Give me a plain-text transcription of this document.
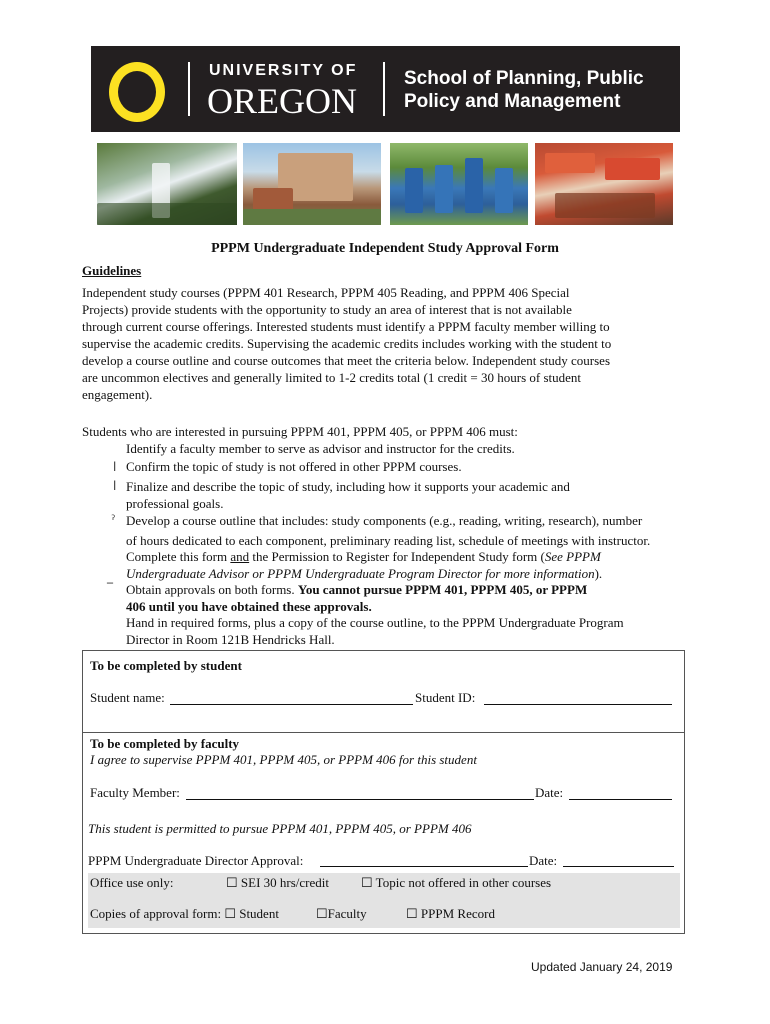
UNIVERSITY OF
OREGON
School of Planning, Public
Policy and Management
PPPM Undergraduate Independent Study Approval Form
Guidelines
Independent study courses (PPPM 401 Research, PPPM 405 Reading, and PPPM 406 Special
Projects) provide students with the opportunity to study an area of interest that is not available
through current course offerings. Interested students must identify a PPPM faculty member willing to
supervise the academic credits. Supervising the academic credits includes working with the student to
develop a course outline and course outcomes that meet the criteria below. Independent study courses
are uncommon electives and generally limited to 1-2 credits total (1 credit = 30 hours of student
engagement).
Students who are interested in pursuing PPPM 401, PPPM 405, or PPPM 406 must:
Identify a faculty member to serve as advisor and instructor for the credits.
l Confirm the topic of study is not offered in other PPPM courses.
l Finalize and describe the topic of study, including how it supports your academic and
professional goals.
ˀ Develop a course outline that includes: study components (e.g., reading, writing, research), number
of hours dedicated to each component, preliminary reading list, schedule of meetings with instructor.
Complete this form and the Permission to Register for Independent Study form (See PPPM
Undergraduate Advisor or PPPM Undergraduate Program Director for more information).
‾ Obtain approvals on both forms. You cannot pursue PPPM 401, PPPM 405, or PPPM
406 until you have obtained these approvals.
Hand in required forms, plus a copy of the course outline, to the PPPM Undergraduate Program
Director in Room 121B Hendricks Hall.
To be completed by student
Student name:	Student ID:
To be completed by faculty
I agree to supervise PPPM 401, PPPM 405, or PPPM 406 for this student
Faculty Member:	Date:
This student is permitted to pursue PPPM 401, PPPM 405, or PPPM 406
PPPM Undergraduate Director Approval:	Date:
Office use only:	☐ SEI 30 hrs/credit ☐ Topic not offered in other courses
Copies of approval form: ☐ Student	☐Faculty	☐ PPPM Record
Updated January 24, 2019
